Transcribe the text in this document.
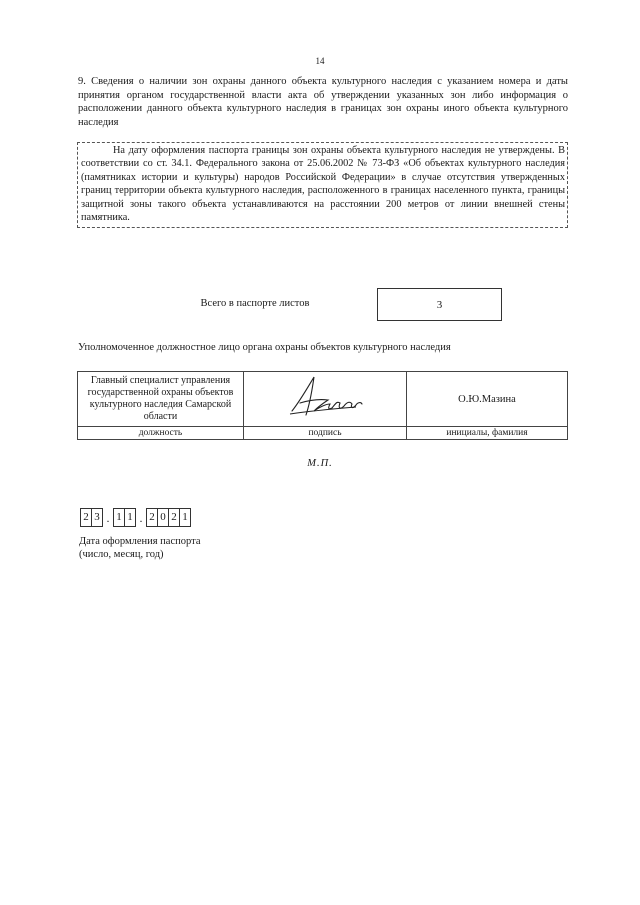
14
9. Сведения о наличии зон охраны данного объекта культурного наследия с указанием номера и даты принятия органом государственной власти акта об утверждении указанных зон либо информация о расположении данного объекта культурного наследия в границах зон охраны иного объекта культурного наследия

На дату оформления паспорта границы зон охраны объекта культурного наследия не утверждены. В соответствии со ст. 34.1. Федерального закона от 25.06.2002 № 73-ФЗ «Об объектах культурного наследия (памятниках истории и культуры) народов Российской Федерации» в случае отсутствия утвержденных границ территории объекта культурного наследия, расположенного в границах населенного пункта, границы защитной зоны такого объекта устанавливаются на расстоянии 200 метров от линии внешней стены памятника.

Всего в паспорте листов	3
Уполномоченное должностное лицо органа охраны объектов культурного наследия
Главный специалист управления государственной охраны объектов культурного наследия Самарской области		О.Ю.Мазина
должность	подпись	инициалы, фамилия
М.П.
2 3 . 1 1 . 2 0 2 1
Дата оформления паспорта
(число, месяц, год)
